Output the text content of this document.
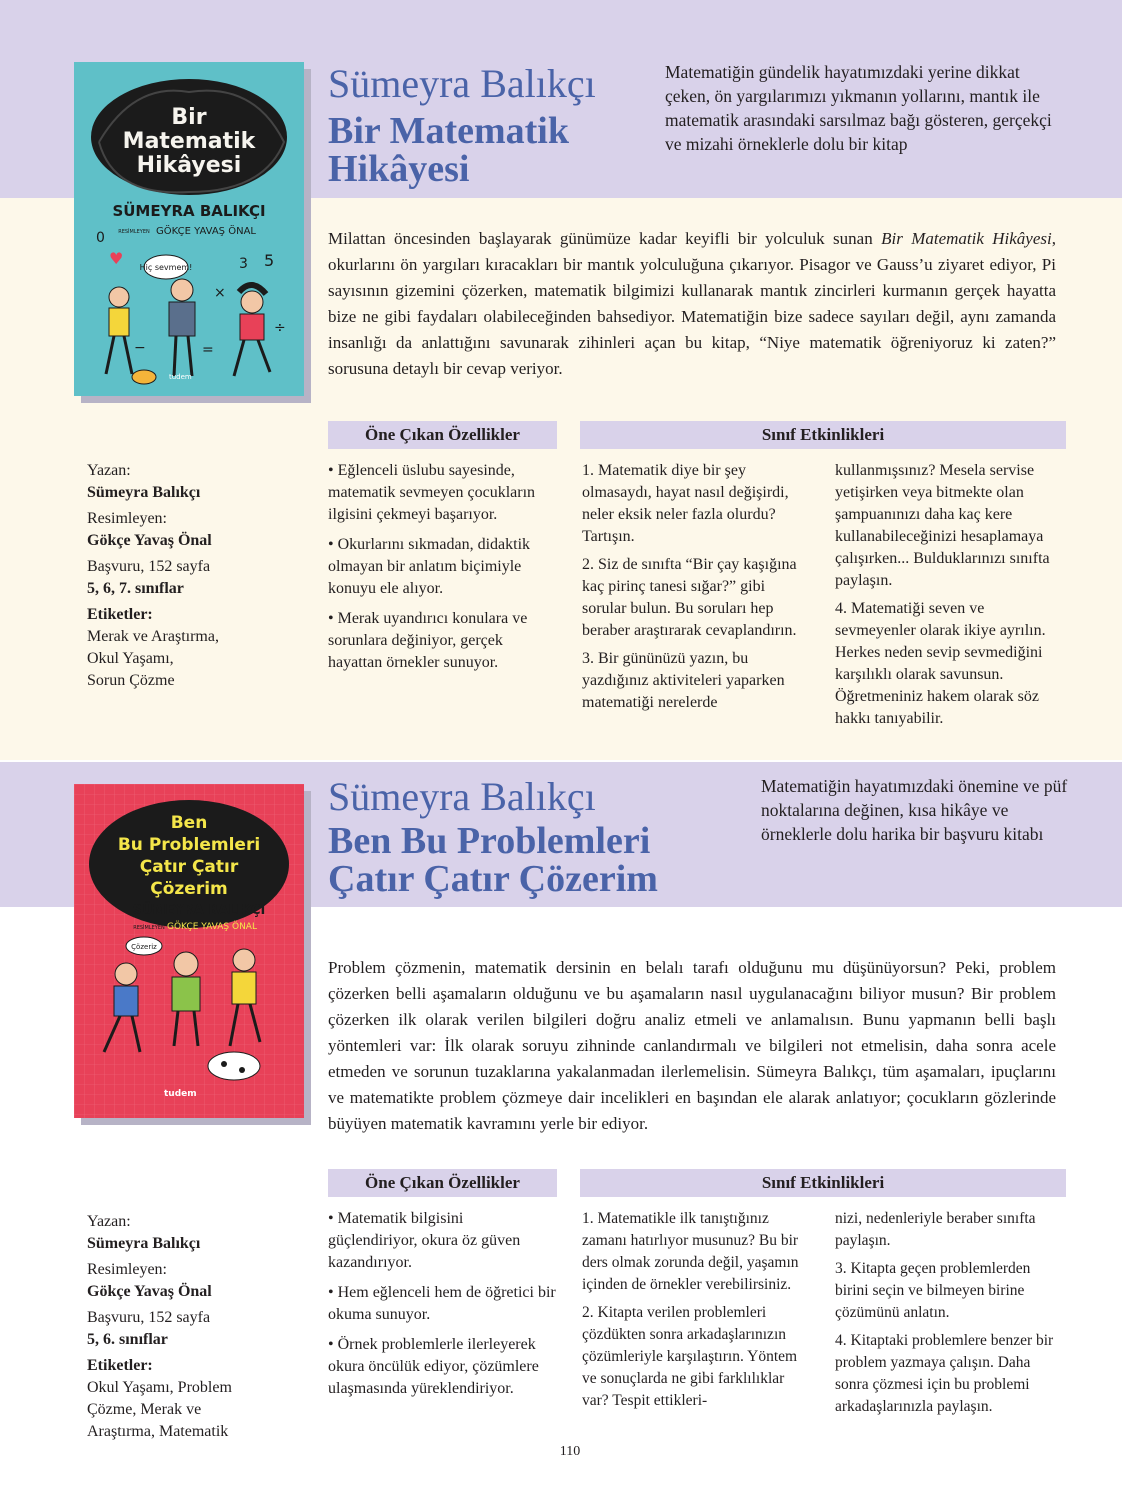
Bir
Matematik
Hikâyesi
SÜMEYRA BALIKÇI
RESİMLEYEN GÖKÇE YAVAŞ ÖNAL
Hiç sevmem!
♥
0
5
3
×
−	=
÷
tudem
Sümeyra Balıkçı
Bir Matematik
Hikâyesi
Matematiğin gündelik hayatımızdaki yerine dikkat çeken, ön yargılarımızı yıkmanın yollarını, mantık ile matematik arasındaki sarsılmaz bağı gösteren, gerçekçi ve mizahi örneklerle dolu bir kitap
Milattan öncesinden başlayarak günümüze kadar keyifli bir yolculuk sunan Bir Matematik Hikâyesi, okurlarını ön yargıları kıracakları bir mantık yolculuğuna çıkarıyor. Pisagor ve Gauss’u ziyaret ediyor, Pi sayısının gizemini çözerken, matematik bilgimizi kullanarak mantık zincirleri kurmanın gerçek hayatta bize ne gibi faydaları olabileceğinden bahsediyor. Matematiğin bize sadece sayıları değil, aynı zamanda insanlığı da anlattığını savunarak zihinleri açan bu kitap, “Niye matematik öğreniyoruz ki zaten?” sorusuna detaylı bir cevap veriyor.
Öne Çıkan Özellikler	Sınıf Etkinlikleri
Yazan:
Sümeyra Balıkçı
Resimleyen:
Gökçe Yavaş Önal
Başvuru, 152 sayfa
5, 6, 7. sınıflar
Etiketler:
Merak ve Araştırma,
Okul Yaşamı,
Sorun Çözme

• Eğlenceli üslubu sayesinde, matematik sevmeyen çocukların ilgisini çekmeyi başarıyor.

• Okurlarını sıkmadan, didaktik olmayan bir anlatım biçimiyle konuyu ele alıyor.

• Merak uyandırıcı konulara ve sorunlara değiniyor, gerçek hayattan örnekler sunuyor.

1. Matematik diye bir şey olmasaydı, hayat nasıl değişirdi, neler eksik neler fazla olurdu? Tartışın.

2. Siz de sınıfta “Bir çay kaşığına kaç pirinç tanesi sığar?” gibi sorular bulun. Bu soruları hep beraber araştırarak cevaplandırın.

3. Bir gününüzü yazın, bu yazdığınız aktiviteleri yaparken matematiği nerelerde

kullanmışsınız? Mesela servise yetişirken veya bitmekte olan şampuanınızı daha kaç kere kullanabileceğinizi hesaplamaya çalışırken... Bulduklarınızı sınıfta paylaşın.

4. Matematiği seven ve sevmeyenler olarak ikiye ayrılın. Herkes neden sevip sevmediğini karşılıklı olarak savunsun. Öğretmeniniz hakem olarak söz hakkı tanıyabilir.

Ben
Bu Problemleri
Çatır Çatır
Çözerim
SÜMEYRA BALIKÇI
RESİMLEYEN GÖKÇE YAVAŞ ÖNAL
Çözeriz
tudem
Sümeyra Balıkçı
Ben Bu Problemleri
Çatır Çatır Çözerim
Matematiğin hayatımızdaki önemine ve püf noktalarına değinen, kısa hikâye ve örneklerle dolu harika bir başvuru kitabı
Problem çözmenin, matematik dersinin en belalı tarafı olduğunu mu düşünüyorsun? Peki, problem çözerken belli aşamaların olduğunu ve bu aşamaların nasıl uygulanacağını biliyor musun? Bir problem çözerken ilk olarak verilen bilgileri doğru analiz etmeli ve anlamalısın. Bunu yapmanın belli başlı yöntemleri var: İlk olarak soruyu zihninde canlandırmalı ve bilgileri not etmelisin, daha sonra acele etmeden ve sorunun tuzaklarına yakalanmadan ilerlemelisin. Sümeyra Balıkçı, tüm aşamaları, ipuçlarını ve matematikte problem çözmeye dair incelikleri en başından ele alarak anlatıyor; çocukların gözlerinde büyüyen matematik kavramını yerle bir ediyor.
Öne Çıkan Özellikler	Sınıf Etkinlikleri
Yazan:
Sümeyra Balıkçı
Resimleyen:
Gökçe Yavaş Önal
Başvuru, 152 sayfa
5, 6. sınıflar
Etiketler:
Okul Yaşamı, Problem
Çözme, Merak ve
Araştırma, Matematik

• Matematik bilgisini güçlendiriyor, okura öz güven kazandırıyor.

• Hem eğlenceli hem de öğretici bir okuma sunuyor.

• Örnek problemlerle ilerleyerek okura öncülük ediyor, çözümlere ulaşmasında yüreklendiriyor.

1. Matematikle ilk tanıştığınız zamanı hatırlıyor musunuz? Bu bir ders olmak zorunda değil, yaşamın içinden de örnekler verebilirsiniz.

2. Kitapta verilen problemleri çözdükten sonra arkadaşlarınızın çözümleriyle karşılaştırın. Yöntem ve sonuçlarda ne gibi farklılıklar var? Tespit ettikleri-

nizi, nedenleriyle beraber sınıfta paylaşın.

3. Kitapta geçen problemlerden birini seçin ve bilmeyen birine çözümünü anlatın.

4. Kitaptaki problemlere benzer bir problem yazmaya çalışın. Daha sonra çözmesi için bu problemi arkadaşlarınızla paylaşın.

110
